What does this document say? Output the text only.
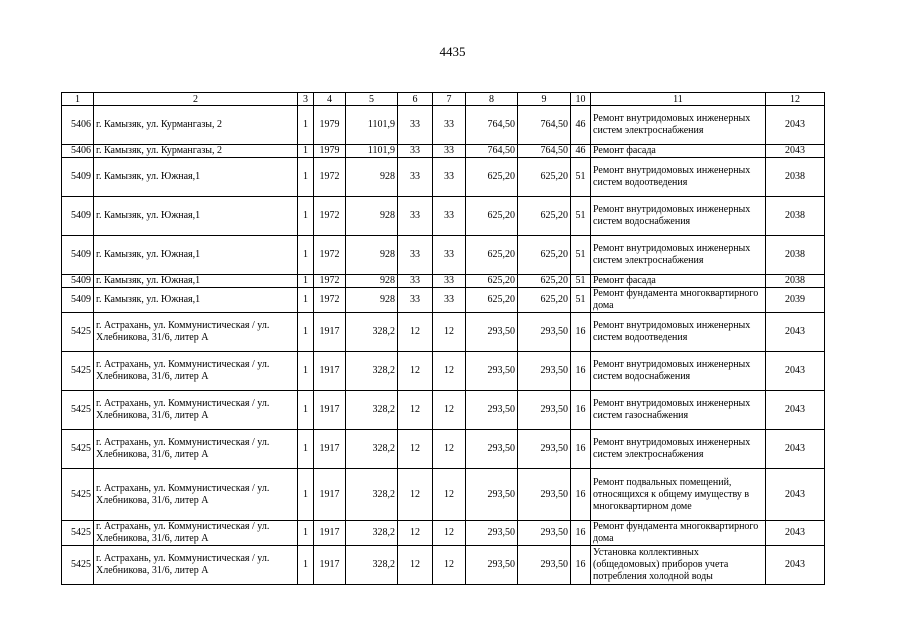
4435
1	2	3	4	5	6	7	8	9	10	11	12
5406	г. Камызяк, ул. Курмангазы, 2	1	1979	1101,9	33	33	764,50	764,50	46	Ремонт внутридомовых инженерных систем электроснабжения	2043
5406	г. Камызяк, ул. Курмангазы, 2	1	1979	1101,9	33	33	764,50	764,50	46	Ремонт фасада	2043
5409	г. Камызяк, ул. Южная,1	1	1972	928	33	33	625,20	625,20	51	Ремонт внутридомовых инженерных систем водоотведения	2038
5409	г. Камызяк, ул. Южная,1	1	1972	928	33	33	625,20	625,20	51	Ремонт внутридомовых инженерных систем водоснабжения	2038
5409	г. Камызяк, ул. Южная,1	1	1972	928	33	33	625,20	625,20	51	Ремонт внутридомовых инженерных систем электроснабжения	2038
5409	г. Камызяк, ул. Южная,1	1	1972	928	33	33	625,20	625,20	51	Ремонт фасада	2038
5409	г. Камызяк, ул. Южная,1	1	1972	928	33	33	625,20	625,20	51	Ремонт фундамента многоквартирного дома	2039
5425	г. Астрахань, ул. Коммунистическая / ул. Хлебникова, 31/6, литер А	1	1917	328,2	12	12	293,50	293,50	16	Ремонт внутридомовых инженерных систем водоотведения	2043
5425	г. Астрахань, ул. Коммунистическая / ул. Хлебникова, 31/6, литер А	1	1917	328,2	12	12	293,50	293,50	16	Ремонт внутридомовых инженерных систем водоснабжения	2043
5425	г. Астрахань, ул. Коммунистическая / ул. Хлебникова, 31/6, литер А	1	1917	328,2	12	12	293,50	293,50	16	Ремонт внутридомовых инженерных систем газоснабжения	2043
5425	г. Астрахань, ул. Коммунистическая / ул. Хлебникова, 31/6, литер А	1	1917	328,2	12	12	293,50	293,50	16	Ремонт внутридомовых инженерных систем электроснабжения	2043
5425	г. Астрахань, ул. Коммунистическая / ул. Хлебникова, 31/6, литер А	1	1917	328,2	12	12	293,50	293,50	16	Ремонт подвальных помещений, относящихся к общему имуществу в многоквартирном доме	2043
5425	г. Астрахань, ул. Коммунистическая / ул. Хлебникова, 31/6, литер А	1	1917	328,2	12	12	293,50	293,50	16	Ремонт фундамента многоквартирного дома	2043
5425	г. Астрахань, ул. Коммунистическая / ул. Хлебникова, 31/6, литер А	1	1917	328,2	12	12	293,50	293,50	16	Установка коллективных (общедомовых) приборов учета потребления холодной воды	2043
